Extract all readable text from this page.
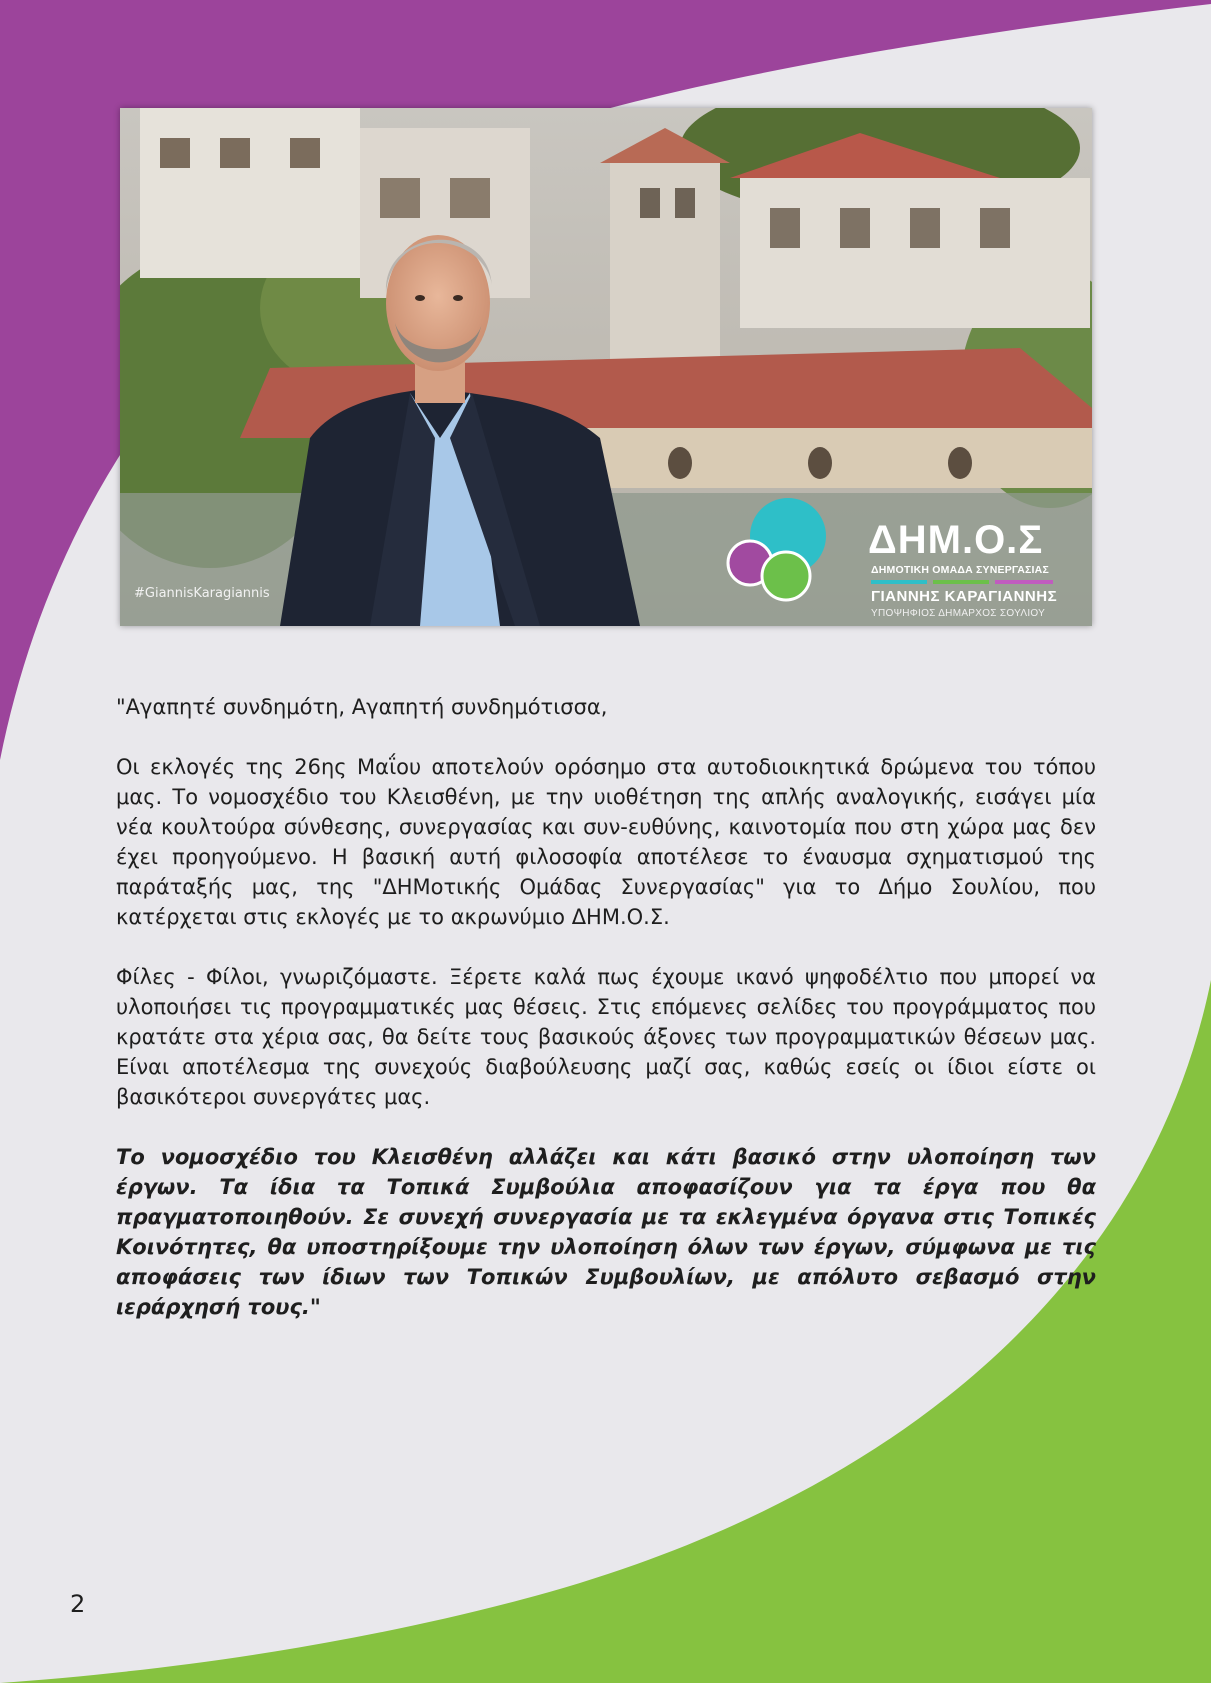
#GiannisKaragiannis
ΔΗΜ.Ο.Σ
ΔΗΜΟΤΙΚΗ ΟΜΑΔΑ ΣΥΝΕΡΓΑΣΙΑΣ
ΓΙΑΝΝΗΣ ΚΑΡΑΓΙΑΝΝΗΣ
ΥΠΟΨΗΦΙΟΣ ΔΗΜΑΡΧΟΣ ΣΟΥΛΙΟΥ

"Αγαπητέ συνδημότη, Αγαπητή συνδημότισσα,

Οι εκλογές της 26ης Μαΐου αποτελούν ορόσημο στα αυτοδιοικητικά δρώμενα του τόπου μας. Το νομοσχέδιο του Κλεισθένη, με την υιοθέτηση της απλής αναλογικής, εισάγει μία νέα κουλτούρα σύνθεσης, συνεργασίας και συν-ευθύνης, καινοτομία που στη χώρα μας δεν έχει προηγούμενο. Η βασική αυτή φιλοσοφία αποτέλεσε το έναυσμα σχηματισμού της παράταξής μας, της "ΔΗΜοτικής Ομάδας Συνεργασίας" για το Δήμο Σουλίου, που κατέρχεται στις εκλογές με το ακρωνύμιο ΔΗΜ.Ο.Σ.

Φίλες - Φίλοι, γνωριζόμαστε. Ξέρετε καλά πως έχουμε ικανό ψηφοδέλτιο που μπορεί να υλοποιήσει τις προγραμματικές μας θέσεις. Στις επόμενες σελίδες του προγράμματος που κρατάτε στα χέρια σας, θα δείτε τους βασικούς άξονες των προγραμματικών θέσεων μας. Είναι αποτέλεσμα της συνεχούς διαβούλευσης μαζί σας, καθώς εσείς οι ίδιοι είστε οι βασικότεροι συνεργάτες μας.

Το νομοσχέδιο του Κλεισθένη αλλάζει και κάτι βασικό στην υλοποίηση των έργων. Τα ίδια τα Τοπικά Συμβούλια αποφασίζουν για τα έργα που θα πραγματοποιηθούν. Σε συνεχή συνεργασία με τα εκλεγμένα όργανα στις Τοπικές Κοινότητες, θα υποστηρίξουμε την υλοποίηση όλων των έργων, σύμφωνα με τις αποφάσεις των ίδιων των Τοπικών Συμβουλίων, με απόλυτο σεβασμό στην ιεράρχησή τους."

2
